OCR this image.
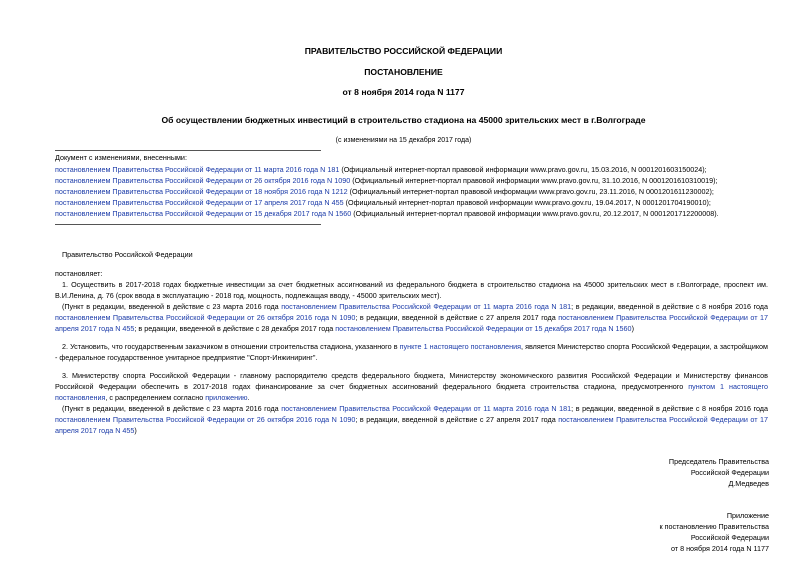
ПРАВИТЕЛЬСТВО РОССИЙСКОЙ ФЕДЕРАЦИИ
ПОСТАНОВЛЕНИЕ
от 8 ноября 2014 года N 1177
Об осуществлении бюджетных инвестиций в строительство стадиона на 45000 зрительских мест в г.Волгограде
(с изменениями на 15 декабря 2017 года)
Документ с изменениями, внесенными:
постановлением Правительства Российской Федерации от 11 марта 2016 года N 181 (Официальный интернет-портал правовой информации www.pravo.gov.ru, 15.03.2016, N 0001201603150024);
постановлением Правительства Российской Федерации от 26 октября 2016 года N 1090 (Официальный интернет-портал правовой информации www.pravo.gov.ru, 31.10.2016, N 0001201610310019);
постановлением Правительства Российской Федерации от 18 ноября 2016 года N 1212 (Официальный интернет-портал правовой информации www.pravo.gov.ru, 23.11.2016, N 0001201611230002);
постановлением Правительства Российской Федерации от 17 апреля 2017 года N 455 (Официальный интернет-портал правовой информации www.pravo.gov.ru, 19.04.2017, N 0001201704190010);
постановлением Правительства Российской Федерации от 15 декабря 2017 года N 1560 (Официальный интернет-портал правовой информации www.pravo.gov.ru, 20.12.2017, N 0001201712200008).
Правительство Российской Федерации
постановляет:
1. Осуществить в 2017-2018 годах бюджетные инвестиции за счет бюджетных ассигнований из федерального бюджета в строительство стадиона на 45000 зрительских мест в г.Волгограде, проспект им. В.И.Ленина, д. 76 (срок ввода в эксплуатацию - 2018 год, мощность, подлежащая вводу, - 45000 зрительских мест).
(Пункт в редакции, введенной в действие с 23 марта 2016 года постановлением Правительства Российской Федерации от 11 марта 2016 года N 181; в редакции, введенной в действие с 8 ноября 2016 года постановлением Правительства Российской Федерации от 26 октября 2016 года N 1090; в редакции, введенной в действие с 27 апреля 2017 года постановлением Правительства Российской Федерации от 17 апреля 2017 года N 455; в редакции, введенной в действие с 28 декабря 2017 года постановлением Правительства Российской Федерации от 15 декабря 2017 года N 1560)
2. Установить, что государственным заказчиком в отношении строительства стадиона, указанного в пункте 1 настоящего постановления, является Министерство спорта Российской Федерации, а застройщиком - федеральное государственное унитарное предприятие "Спорт-Инжиниринг".
3. Министерству спорта Российской Федерации - главному распорядителю средств федерального бюджета, Министерству экономического развития Российской Федерации и Министерству финансов Российской Федерации обеспечить в 2017-2018 годах финансирование за счет бюджетных ассигнований федерального бюджета строительства стадиона, предусмотренного пунктом 1 настоящего постановления, с распределением согласно приложению.
(Пункт в редакции, введенной в действие с 23 марта 2016 года постановлением Правительства Российской Федерации от 11 марта 2016 года N 181; в редакции, введенной в действие с 8 ноября 2016 года постановлением Правительства Российской Федерации от 26 октября 2016 года N 1090; в редакции, введенной в действие с 27 апреля 2017 года постановлением Правительства Российской Федерации от 17 апреля 2017 года N 455)
Председатель Правительства
Российской Федерации
Д.Медведев
Приложение
к постановлению Правительства
Российской Федерации
от 8 ноября 2014 года N 1177
